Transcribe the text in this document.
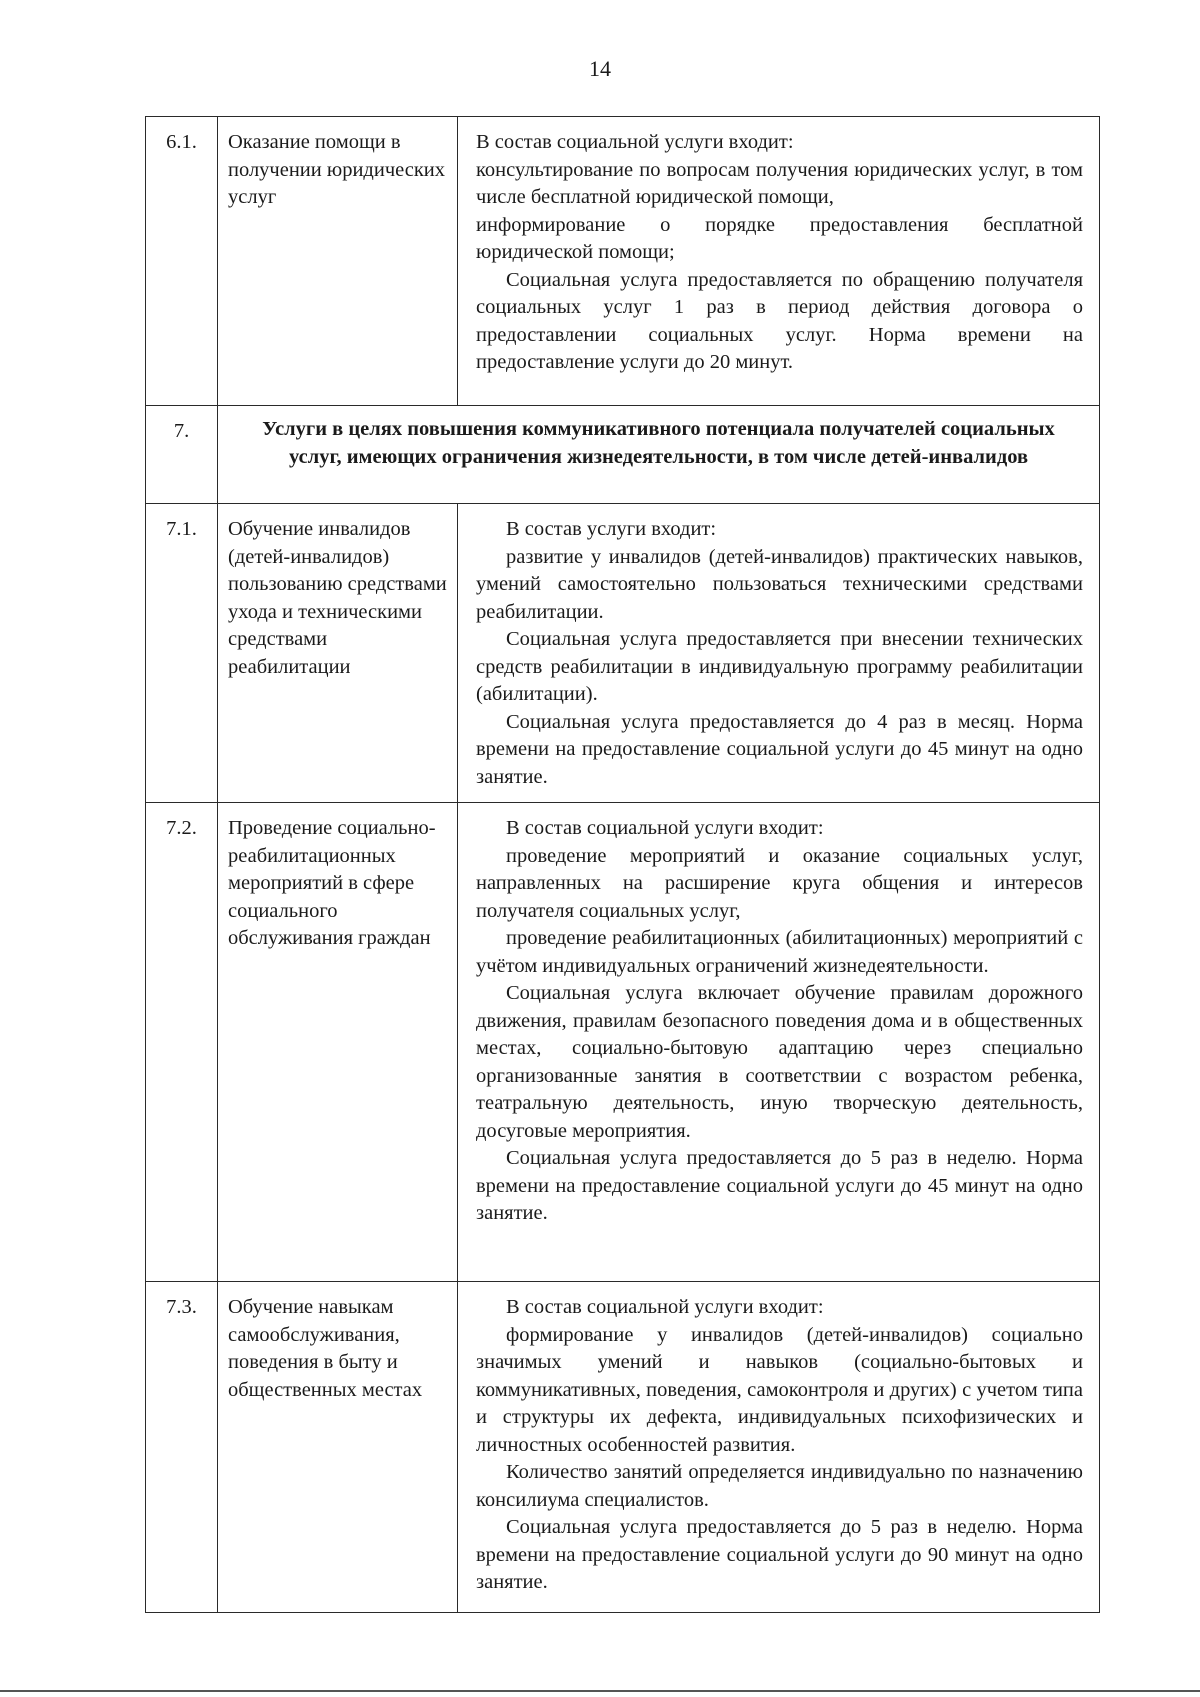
14
6.1.	Оказание помощи в получении юридических услуг	В состав социальной услуги входит:

консультирование по вопросам получения юридических услуг, в том числе бесплатной юридической помощи,

информирование о порядке предоставления бесплатной юридической помощи;

Социальная услуга предоставляется по обращению получателя социальных услуг 1 раз в период действия договора о предоставлении социальных услуг. Норма времени на предоставление услуги до 20 минут.

7.	Услуги в целях повышения коммуникативного потенциала получателей социальных услуг, имеющих ограничения жизнедеятельности, в том числе детей-инвалидов	
7.1.	Обучение инвалидов (детей-инвалидов) пользованию средствами ухода и техническими средствами реабилитации	В состав услуги входит:

развитие у инвалидов (детей-инвалидов) практических навыков, умений самостоятельно пользоваться техническими средствами реабилитации.

Социальная услуга предоставляется при внесении технических средств реабилитации в индивидуальную программу реабилитации (абилитации).

Социальная услуга предоставляется до 4 раз в месяц. Норма времени на предоставление социальной услуги до 45 минут на одно занятие.

7.2.	Проведение социально-реабилитационных мероприятий в сфере социального обслуживания граждан	В состав социальной услуги входит:

проведение мероприятий и оказание социальных услуг, направленных на расширение круга общения и интересов получателя социальных услуг,

проведение реабилитационных (абилитационных) мероприятий с учётом индивидуальных ограничений жизнедеятельности.

Социальная услуга включает обучение правилам дорожного движения, правилам безопасного поведения дома и в общественных местах, социально-бытовую адаптацию через специально организованные занятия в соответствии с возрастом ребенка, театральную деятельность, иную творческую деятельность, досуговые мероприятия.

Социальная услуга предоставляется до 5 раз в неделю. Норма времени на предоставление социальной услуги до 45 минут на одно занятие.

7.3.	Обучение навыкам самообслуживания, поведения в быту и общественных местах	В состав социальной услуги входит:

формирование у инвалидов (детей-инвалидов) социально значимых умений и навыков (социально-бытовых и коммуникативных, поведения, самоконтроля и других) с учетом типа и структуры их дефекта, индивидуальных психофизических и личностных особенностей развития.

Количество занятий определяется индивидуально по назначению консилиума специалистов.

Социальная услуга предоставляется до 5 раз в неделю. Норма времени на предоставление социальной услуги до 90 минут на одно занятие.
